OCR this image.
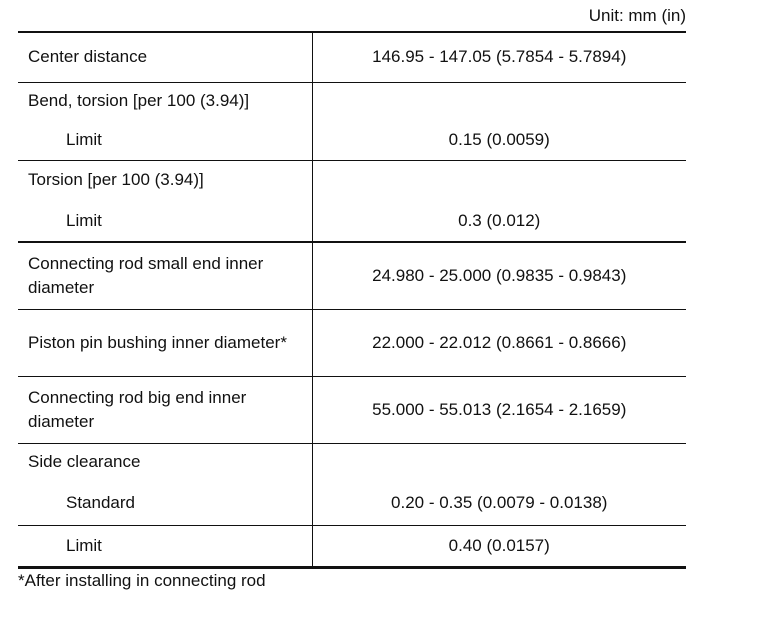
Unit: mm (in)
Center distance	146.95 - 147.05 (5.7854 - 5.7894)
Bend, torsion [per 100 (3.94)]	
Limit	0.15 (0.0059)
Torsion [per 100 (3.94)]	
Limit	0.3 (0.012)
Connecting rod small end inner diameter	24.980 - 25.000 (0.9835 - 0.9843)
Piston pin bushing inner diameter*	22.000 - 22.012 (0.8661 - 0.8666)
Connecting rod big end inner diameter	55.000 - 55.013 (2.1654 - 2.1659)
Side clearance	
Standard	0.20 - 0.35 (0.0079 - 0.0138)
Limit	0.40 (0.0157)
*After installing in connecting rod
